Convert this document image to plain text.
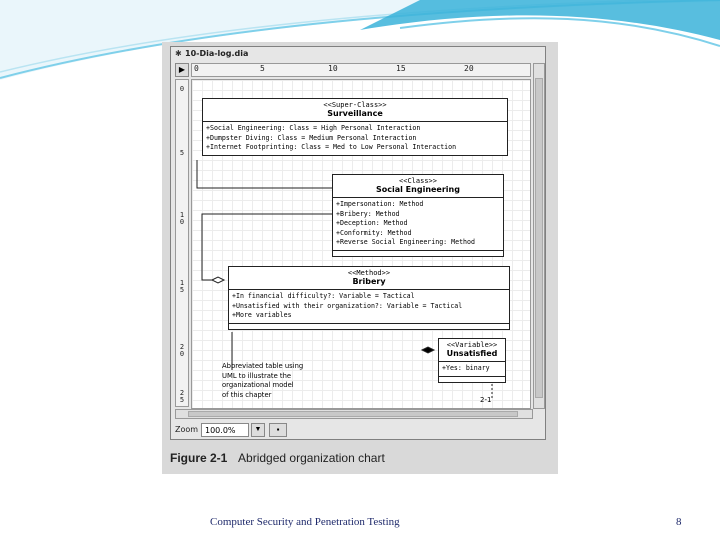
✱ 10-Dia-log.dia
▶	0	5	10	15	20
0
5
1
0
1
5
2
0
2
5
<<Super-Class>>
Surveillance
+Social Engineering: Class = High Personal Interaction
+Dumpster Diving: Class = Medium Personal Interaction
+Internet Footprinting: Class = Med to Low Personal Interaction
<<Class>>
Social Engineering
+Impersonation: Method
+Bribery: Method
+Deception: Method
+Conformity: Method
+Reverse Social Engineering: Method
<<Method>>
Bribery
+In financial difficulty?: Variable = Tactical
+Unsatisfied with their organization?: Variable = Tactical
+More variables
<<Variable>>
Unsatisfied
+Yes: binary
Abbreviated table using
UML to illustrate the
organizational model
of this chapter
2-1
Zoom 100.0%	▼	▪
Figure 2-1 Abridged organization chart
Computer Security and Penetration Testing	8
